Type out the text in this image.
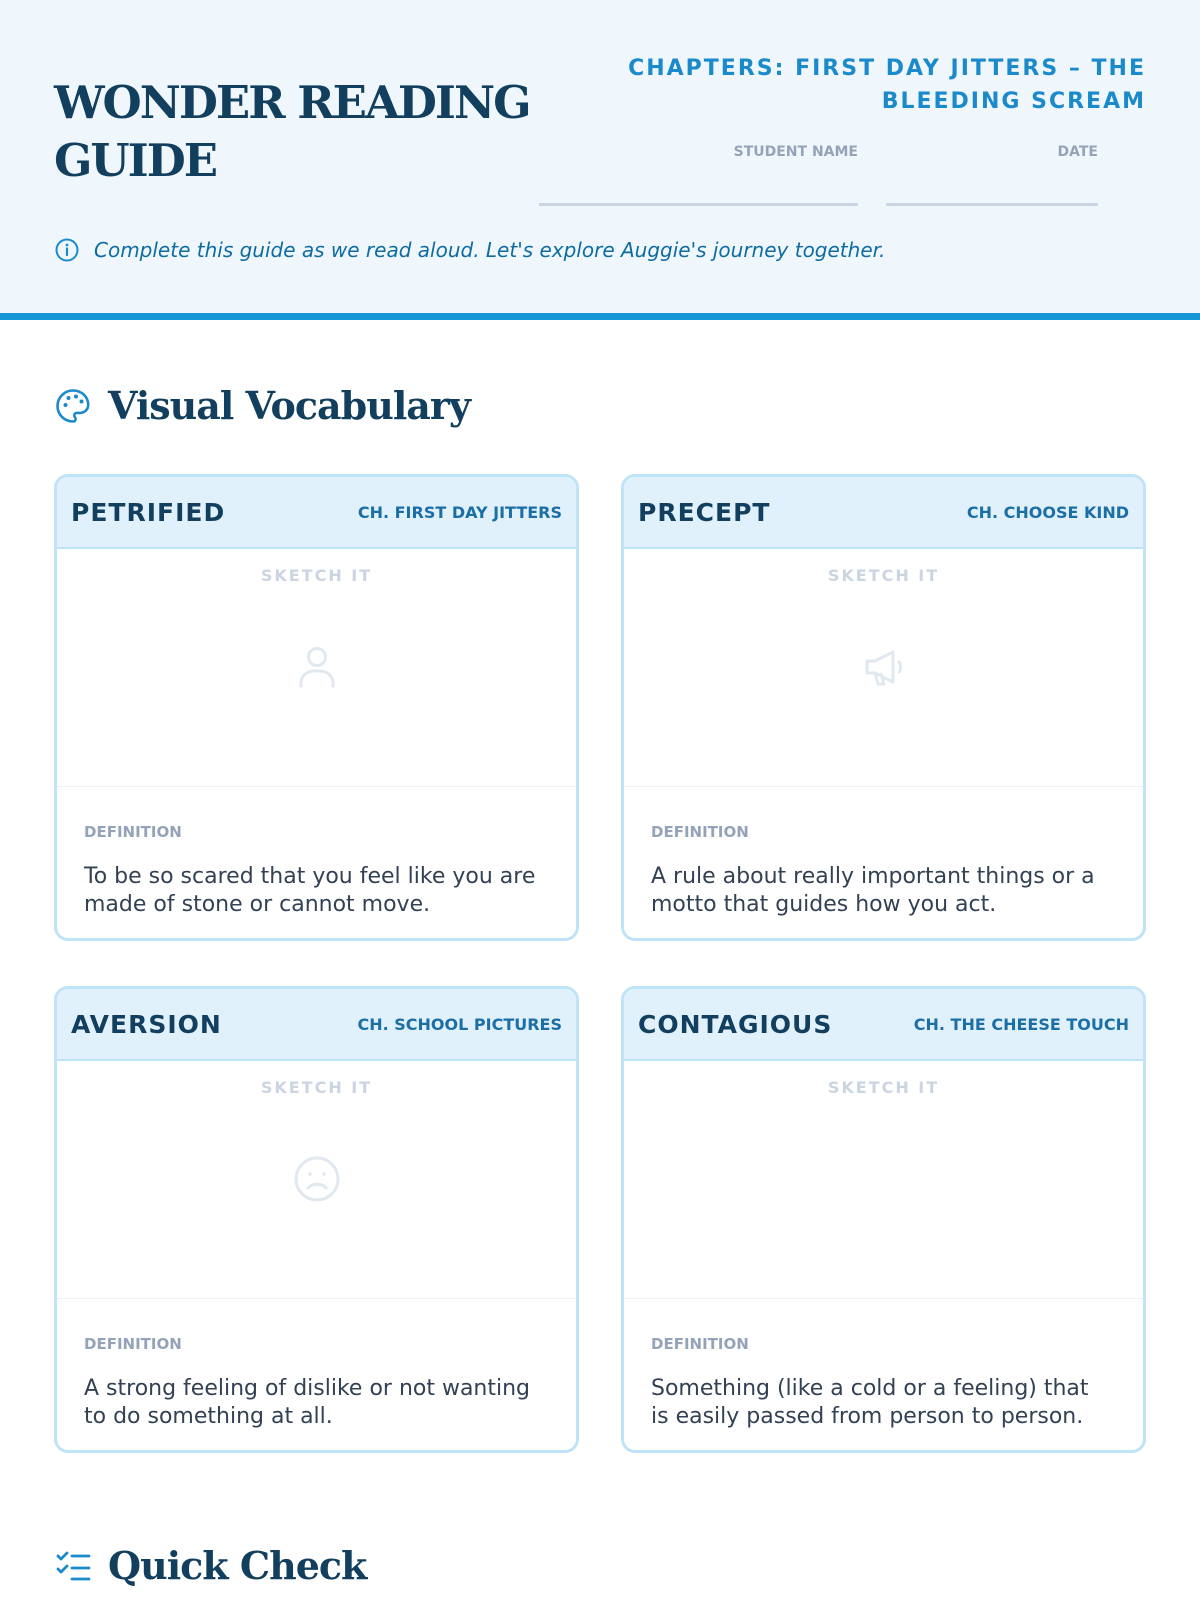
WONDER READING GUIDE
CHAPTERS: FIRST DAY JITTERS – THE BLEEDING SCREAM
STUDENT NAME	DATE
Complete this guide as we read aloud. Let's explore Auggie's journey together.
Visual Vocabulary
PETRIFIED	CH. FIRST DAY JITTERS
SKETCH IT
DEFINITION
To be so scared that you feel like you are made of stone or cannot move.
PRECEPT	CH. CHOOSE KIND
SKETCH IT
DEFINITION
A rule about really important things or a motto that guides how you act.
AVERSION	CH. SCHOOL PICTURES
SKETCH IT
DEFINITION
A strong feeling of dislike or not wanting to do something at all.
CONTAGIOUS	CH. THE CHEESE TOUCH
SKETCH IT
DEFINITION
Something (like a cold or a feeling) that is easily passed from person to person.
Quick Check
